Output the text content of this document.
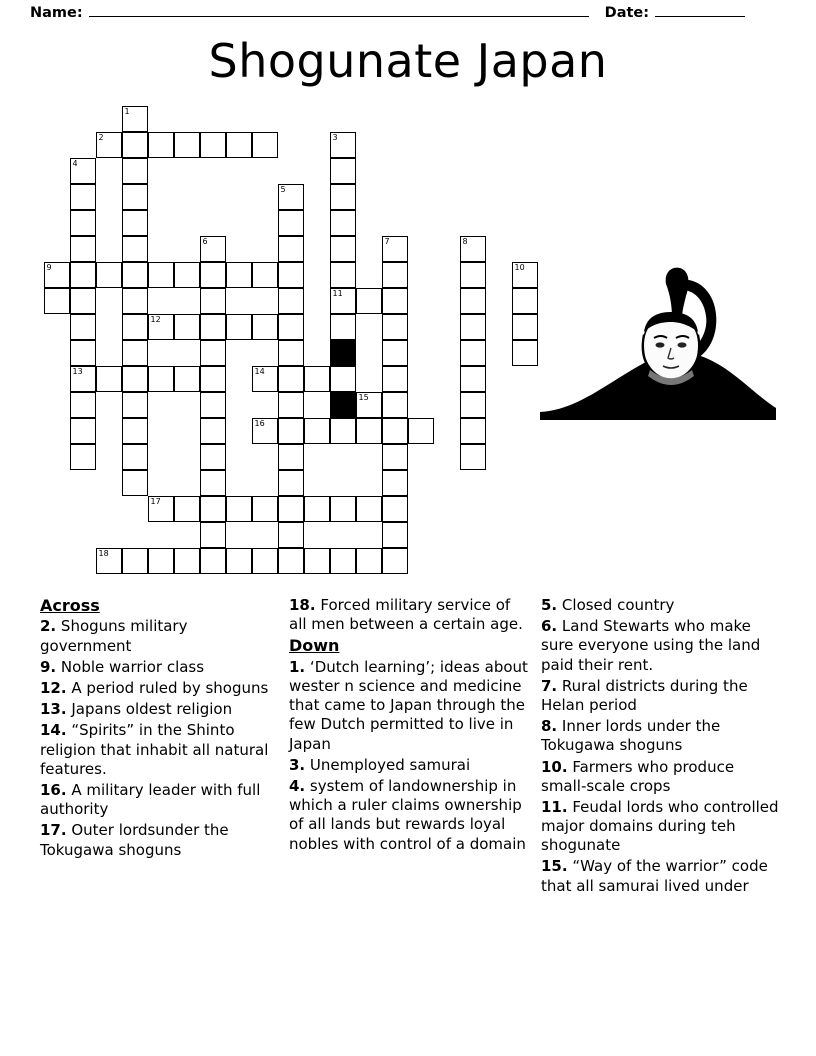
Name:	Date:
Shogunate Japan
1
2	3
4
5
6	7	8
9	10
11
12
13	14
15
16
17
18
Across
2. Shoguns military government
9. Noble warrior class
12. A period ruled by shoguns
13. Japans oldest religion
14. “Spirits” in the Shinto religion that inhabit all natural features.
16. A military leader with full authority
17. Outer lordsunder the Tokugawa shoguns
18. Forced military service of all men between a certain age.
Down
1. ‘Dutch learning’; ideas about wester n science and medicine that came to Japan through the few Dutch permitted to live in Japan
3. Unemployed samurai
4. system of landownership in which a ruler claims ownership of all lands but rewards loyal nobles with control of a domain
5. Closed country
6. Land Stewarts who make sure everyone using the land paid their rent.
7. Rural districts during the Helan period
8. Inner lords under the Tokugawa shoguns
10. Farmers who produce small-scale crops
11. Feudal lords who controlled major domains during teh shogunate
15. “Way of the warrior” code that all samurai lived under
